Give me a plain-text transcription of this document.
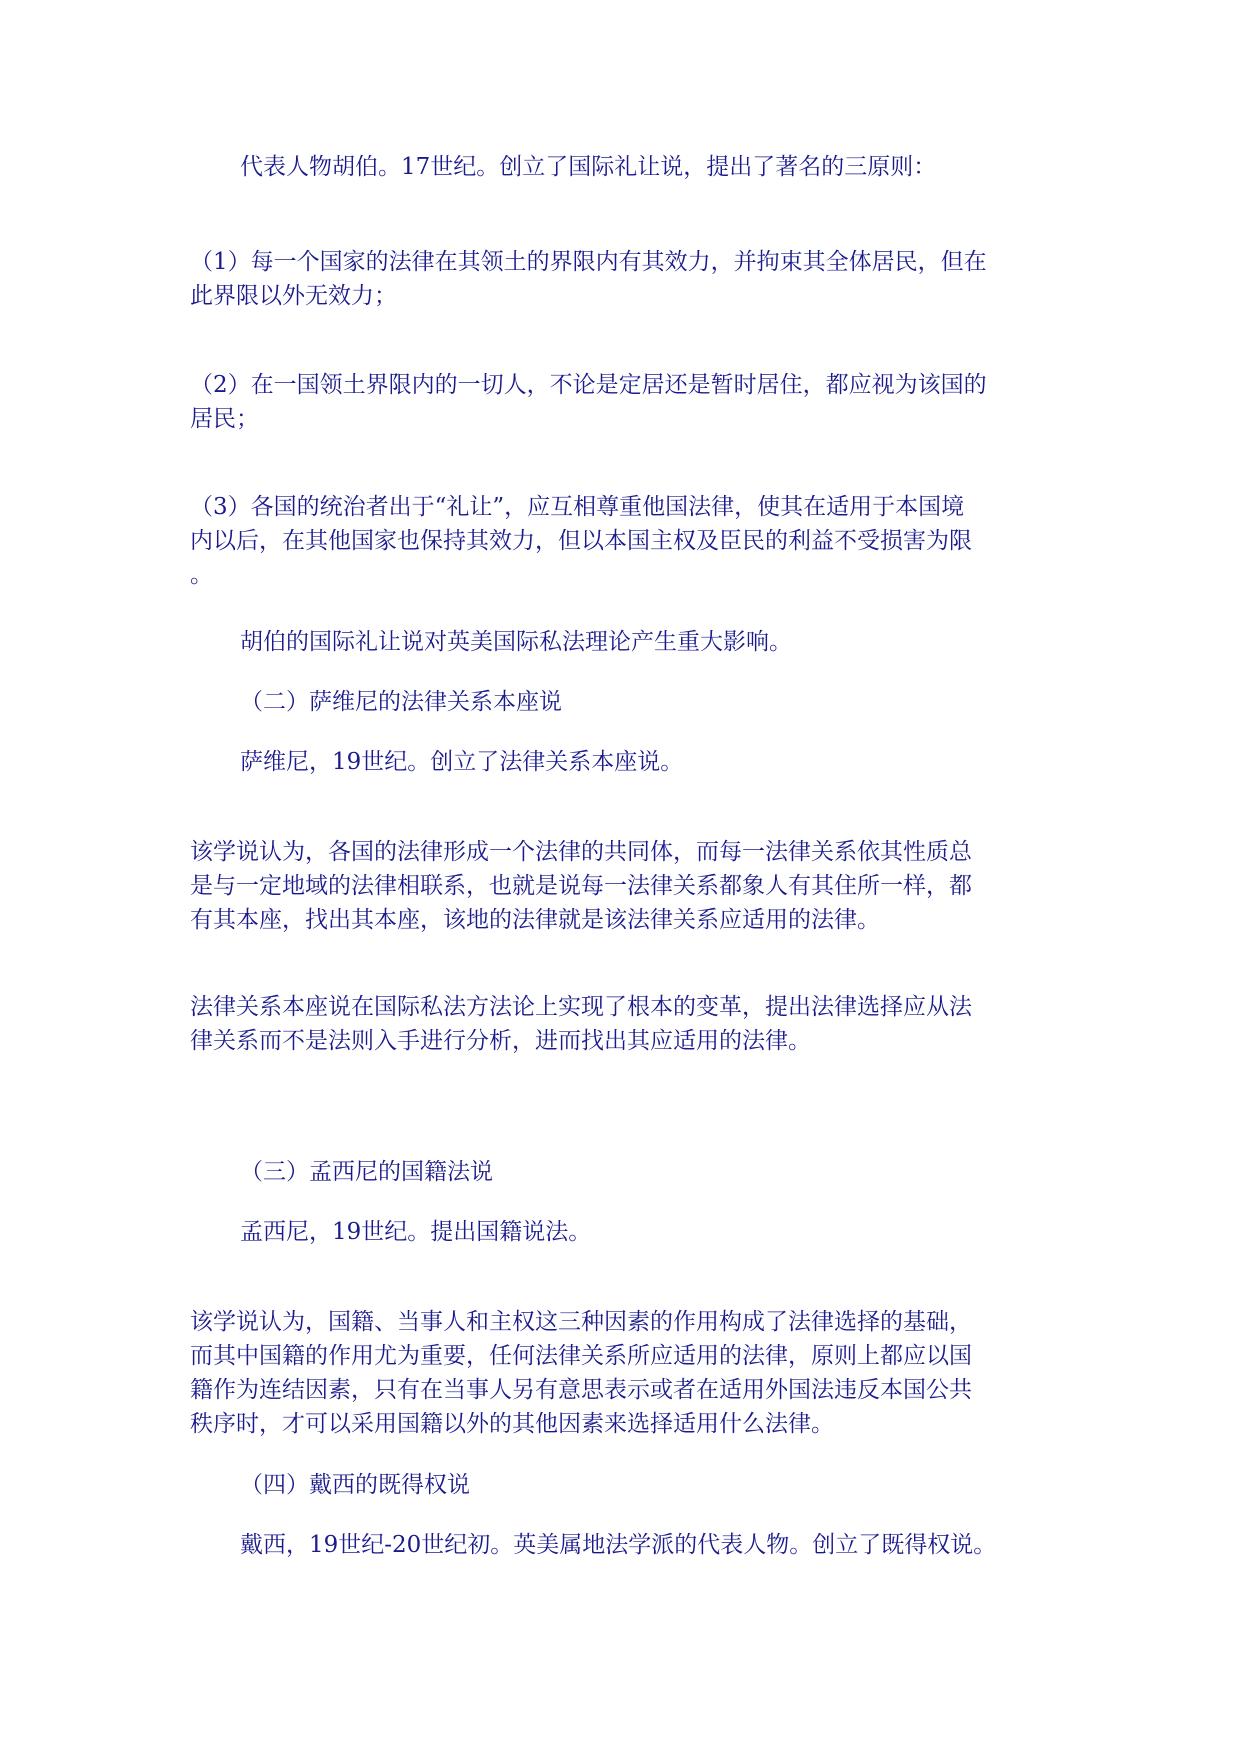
代表人物胡伯。17世纪。创立了国际礼让说，提出了著名的三原则：

（1）每一个国家的法律在其领土的界限内有其效力，并拘束其全体居民，但在
此界限以外无效力；

（2）在一国领土界限内的一切人，不论是定居还是暂时居住，都应视为该国的
居民；

（3）各国的统治者出于“礼让”，应互相尊重他国法律，使其在适用于本国境
内以后，在其他国家也保持其效力，但以本国主权及臣民的利益不受损害为限
。

胡伯的国际礼让说对英美国际私法理论产生重大影响。

（二）萨维尼的法律关系本座说

萨维尼，19世纪。创立了法律关系本座说。

该学说认为，各国的法律形成一个法律的共同体，而每一法律关系依其性质总
是与一定地域的法律相联系，也就是说每一法律关系都象人有其住所一样，都
有其本座，找出其本座，该地的法律就是该法律关系应适用的法律。

法律关系本座说在国际私法方法论上实现了根本的变革，提出法律选择应从法
律关系而不是法则入手进行分析，进而找出其应适用的法律。

（三）孟西尼的国籍法说

孟西尼，19世纪。提出国籍说法。

该学说认为，国籍、当事人和主权这三种因素的作用构成了法律选择的基础，
而其中国籍的作用尤为重要，任何法律关系所应适用的法律，原则上都应以国
籍作为连结因素，只有在当事人另有意思表示或者在适用外国法违反本国公共
秩序时，才可以采用国籍以外的其他因素来选择适用什么法律。

（四）戴西的既得权说

戴西，19世纪-20世纪初。英美属地法学派的代表人物。创立了既得权说。
